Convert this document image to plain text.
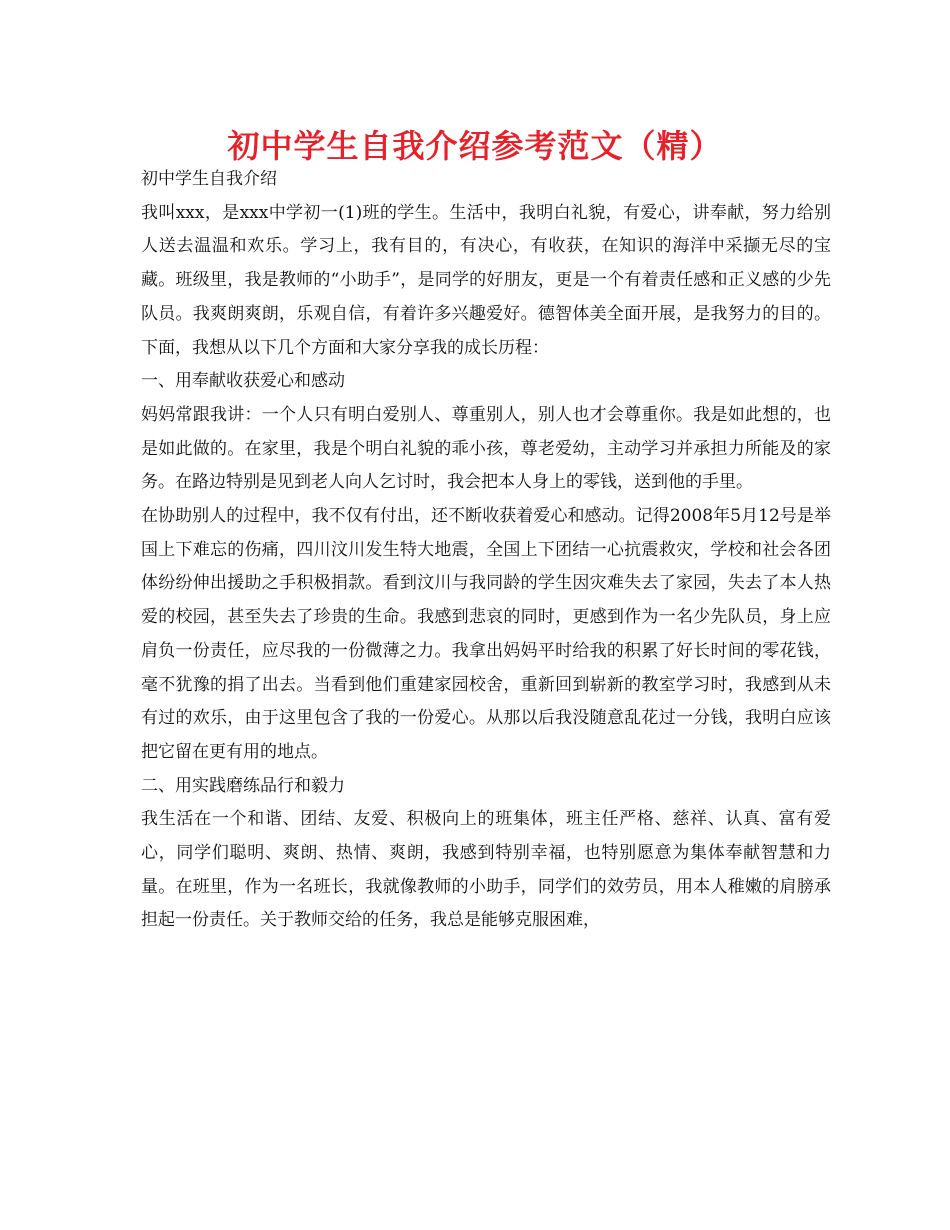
初中学生自我介绍参考范文（精）

初中学生自我介绍

我叫xxx，是xxx中学初一(1)班的学生。生活中，我明白礼貌，有爱心，讲奉献，努力给别人送去温温和欢乐。学习上，我有目的，有决心，有收获，在知识的海洋中采撷无尽的宝藏。班级里，我是教师的“小助手”，是同学的好朋友，更是一个有着责任感和正义感的少先队员。我爽朗爽朗，乐观自信，有着许多兴趣爱好。德智体美全面开展，是我努力的目的。下面，我想从以下几个方面和大家分享我的成长历程：

一、用奉献收获爱心和感动

妈妈常跟我讲：一个人只有明白爱别人、尊重别人，别人也才会尊重你。我是如此想的，也是如此做的。在家里，我是个明白礼貌的乖小孩，尊老爱幼，主动学习并承担力所能及的家务。在路边特别是见到老人向人乞讨时，我会把本人身上的零钱，送到他的手里。

在协助别人的过程中，我不仅有付出，还不断收获着爱心和感动。记得2008年5月12号是举国上下难忘的伤痛，四川汶川发生特大地震，全国上下团结一心抗震救灾，学校和社会各团体纷纷伸出援助之手积极捐款。看到汶川与我同龄的学生因灾难失去了家园，失去了本人热爱的校园，甚至失去了珍贵的生命。我感到悲哀的同时，更感到作为一名少先队员，身上应肩负一份责任，应尽我的一份微薄之力。我拿出妈妈平时给我的积累了好长时间的零花钱，毫不犹豫的捐了出去。当看到他们重建家园校舍，重新回到崭新的教室学习时，我感到从未有过的欢乐，由于这里包含了我的一份爱心。从那以后我没随意乱花过一分钱，我明白应该把它留在更有用的地点。

二、用实践磨练品行和毅力

我生活在一个和谐、团结、友爱、积极向上的班集体，班主任严格、慈祥、认真、富有爱心，同学们聪明、爽朗、热情、爽朗，我感到特别幸福，也特别愿意为集体奉献智慧和力量。在班里，作为一名班长，我就像教师的小助手，同学们的效劳员，用本人稚嫩的肩膀承担起一份责任。关于教师交给的任务，我总是能够克服困难，
